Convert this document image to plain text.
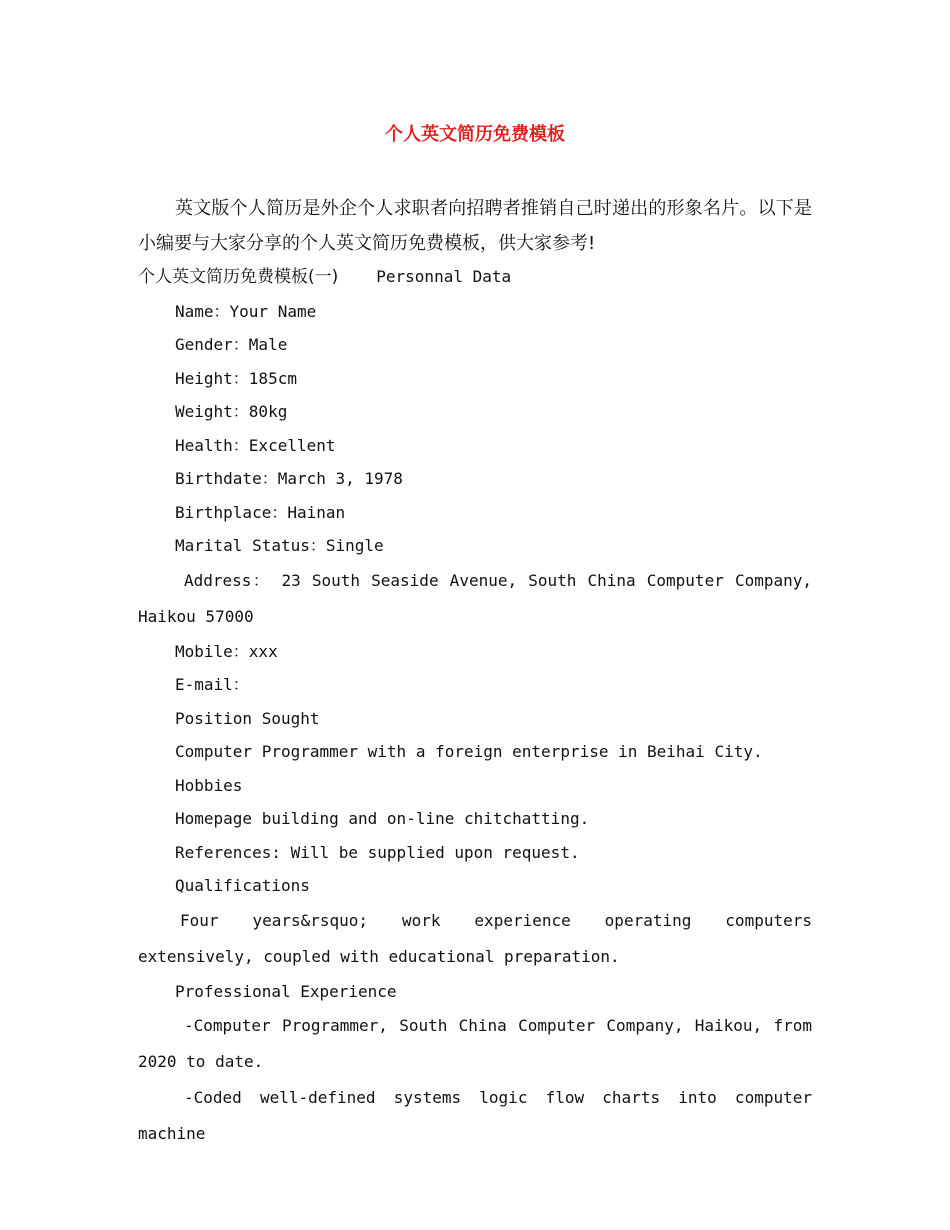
个人英文简历免费模板

英文版个人简历是外企个人求职者向招聘者推销自己时递出的形象名片。以下是小编要与大家分享的个人英文简历免费模板，供大家参考!

个人英文简历免费模板(一) Personnal Data

Name：Your Name

Gender：Male

Height：185cm

Weight：80kg

Health：Excellent

Birthdate：March 3, 1978

Birthplace：Hainan

Marital Status：Single

Address： 23 South Seaside Avenue, South China Computer Company, Haikou 57000

Mobile：xxx

E-mail：

Position Sought

Computer Programmer with a foreign enterprise in Beihai City.

Hobbies

Homepage building and on-line chitchatting.

References: Will be supplied upon request.

Qualifications

Four years&rsquo; work experience operating computers extensively, coupled with educational preparation.

Professional Experience

-Computer Programmer, South China Computer Company, Haikou, from 2020 to date.

-Coded well-defined systems logic flow charts into computer machine
